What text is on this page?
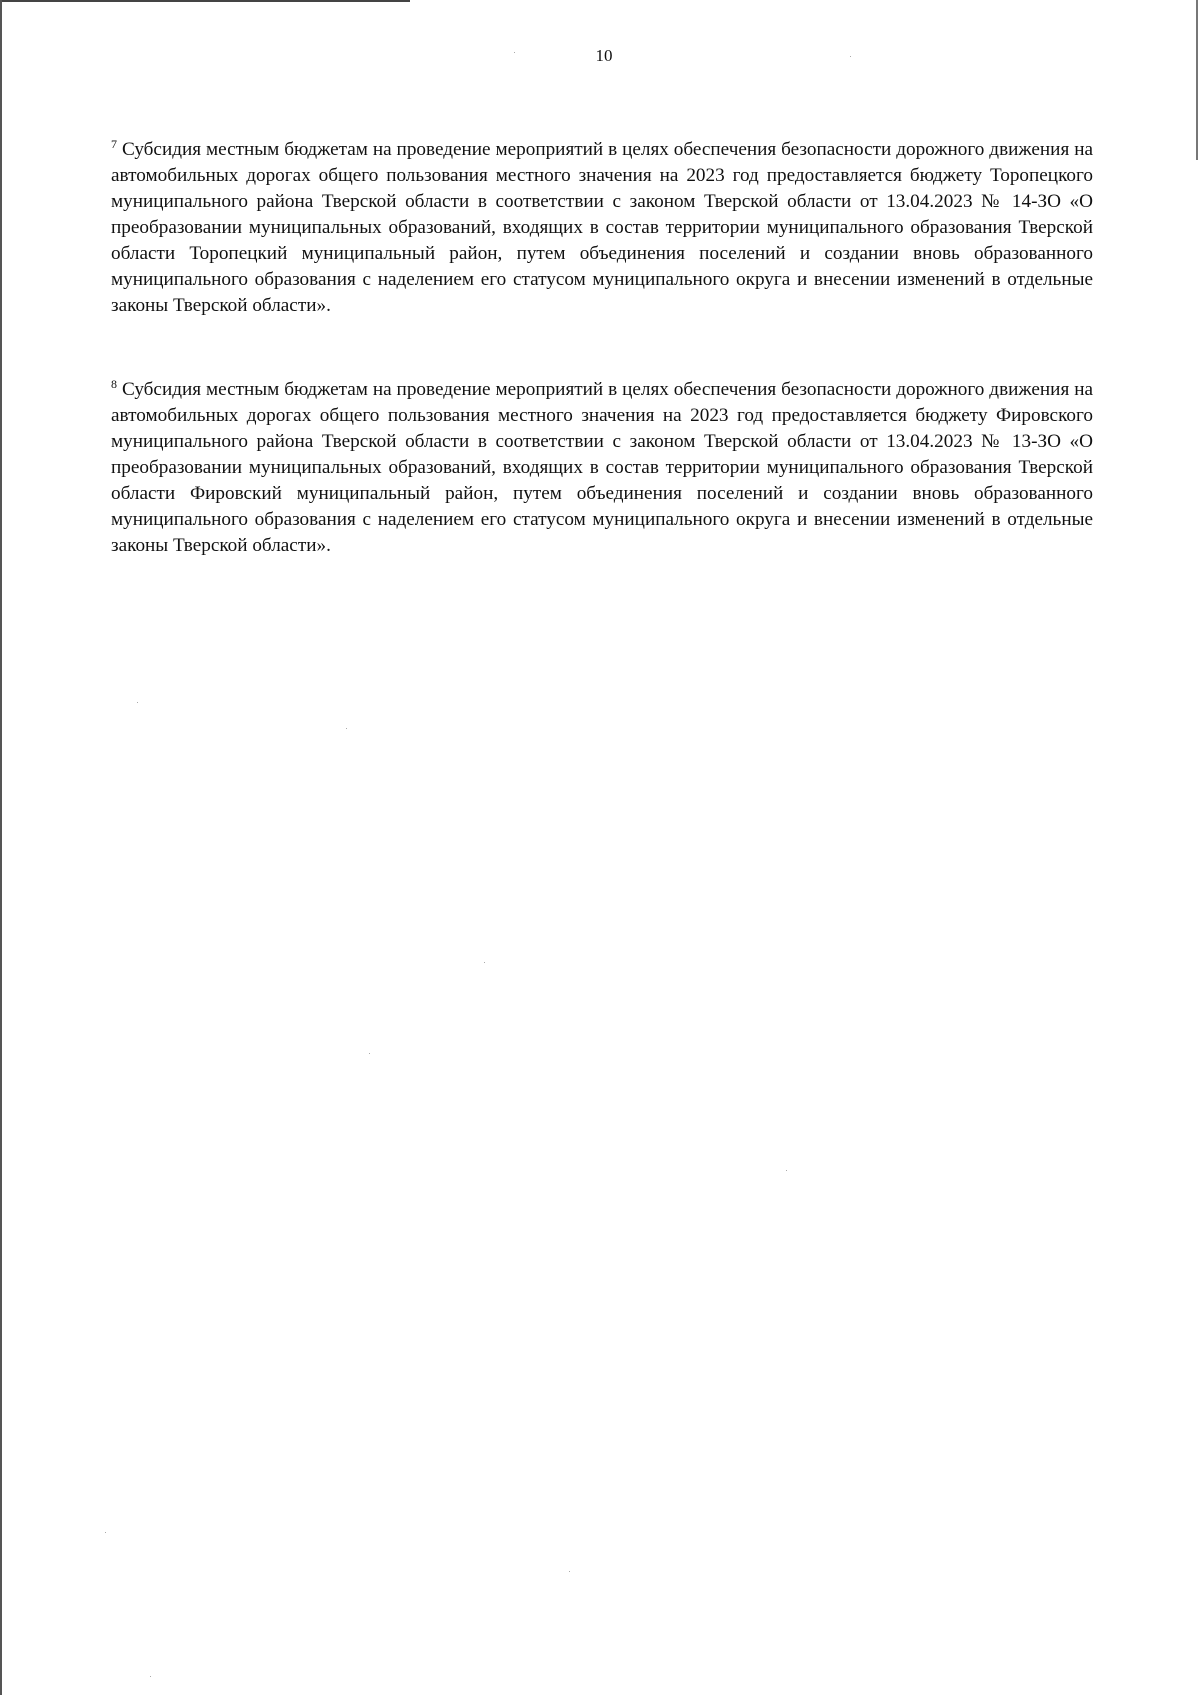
10

$^7$ Субсидия местным бюджетам на проведение мероприятий в целях обеспечения безопасности дорожного движения на автомобильных дорогах общего пользования местного значения на 2023 год предоставляется бюджету Торопецкого муниципального района Тверской области в соответствии с законом Тверской области от 13.04.2023 № 14-ЗО «О преобразовании муниципальных образований, входящих в состав территории муниципального образования Тверской области Торопецкий муниципальный район, путем объединения поселений и создании вновь образованного муниципального образования с наделением его статусом муниципального округа и внесении изменений в отдельные законы Тверской области».

$^8$ Субсидия местным бюджетам на проведение мероприятий в целях обеспечения безопасности дорожного движения на автомобильных дорогах общего пользования местного значения на 2023 год предоставляется бюджету Фировского муниципального района Тверской области в соответствии с законом Тверской области от 13.04.2023 № 13-ЗО «О преобразовании муниципальных образований, входящих в состав территории муниципального образования Тверской области Фировский муниципальный район, путем объединения поселений и создании вновь образованного муниципального образования с наделением его статусом муниципального округа и внесении изменений в отдельные законы Тверской области».
